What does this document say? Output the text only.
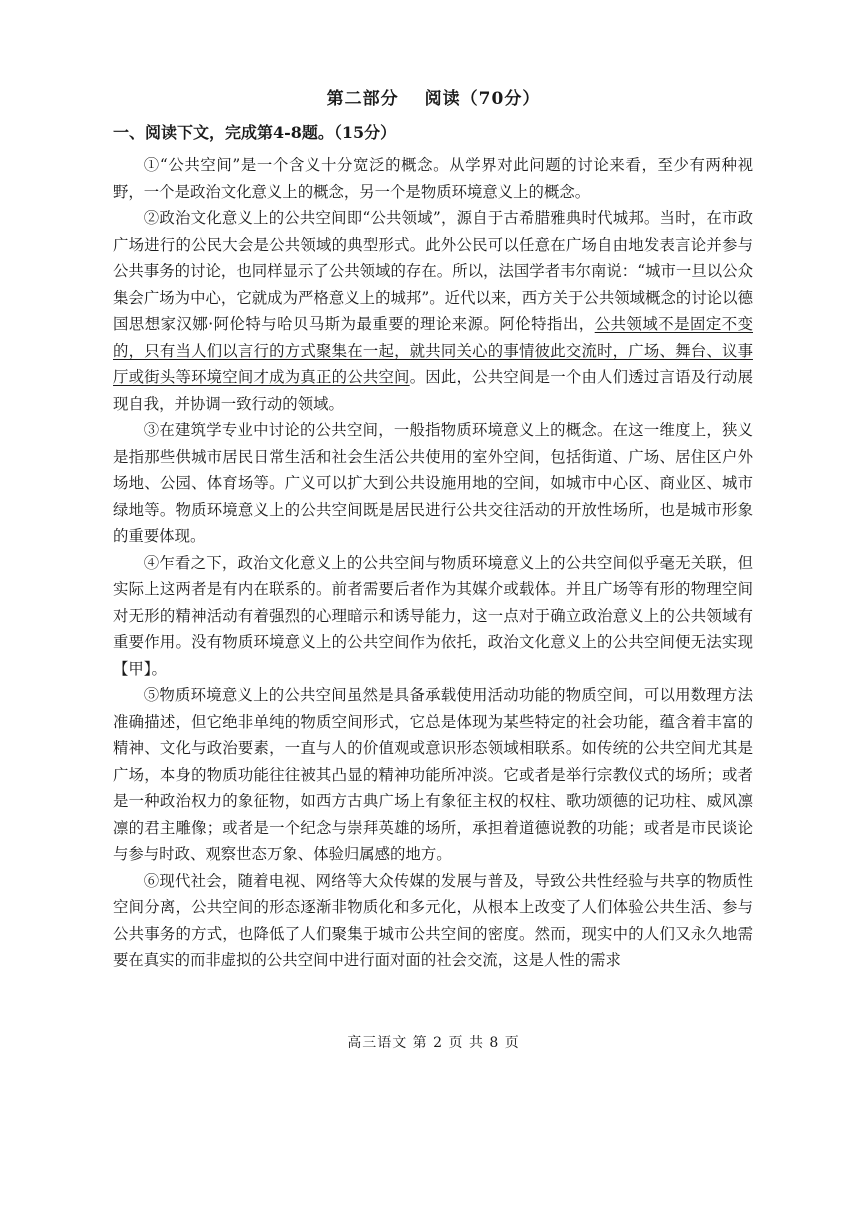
第二部分 阅读（70分）
一、阅读下文，完成第4-8题。（15分）

①“公共空间”是一个含义十分宽泛的概念。从学界对此问题的讨论来看，至少有两种视野，一个是政治文化意义上的概念，另一个是物质环境意义上的概念。

②政治文化意义上的公共空间即“公共领域”，源自于古希腊雅典时代城邦。当时，在市政广场进行的公民大会是公共领域的典型形式。此外公民可以任意在广场自由地发表言论并参与公共事务的讨论，也同样显示了公共领域的存在。所以，法国学者韦尔南说：“城市一旦以公众集会广场为中心，它就成为严格意义上的城邦”。近代以来，西方关于公共领域概念的讨论以德国思想家汉娜·阿伦特与哈贝马斯为最重要的理论来源。阿伦特指出，公共领域不是固定不变的，只有当人们以言行的方式聚集在一起，就共同关心的事情彼此交流时，广场、舞台、议事厅或街头等环境空间才成为真正的公共空间。因此，公共空间是一个由人们透过言语及行动展现自我，并协调一致行动的领域。

③在建筑学专业中讨论的公共空间，一般指物质环境意义上的概念。在这一维度上，狭义是指那些供城市居民日常生活和社会生活公共使用的室外空间，包括街道、广场、居住区户外场地、公园、体育场等。广义可以扩大到公共设施用地的空间，如城市中心区、商业区、城市绿地等。物质环境意义上的公共空间既是居民进行公共交往活动的开放性场所，也是城市形象的重要体现。

④乍看之下，政治文化意义上的公共空间与物质环境意义上的公共空间似乎毫无关联，但实际上这两者是有内在联系的。前者需要后者作为其媒介或载体。并且广场等有形的物理空间对无形的精神活动有着强烈的心理暗示和诱导能力，这一点对于确立政治意义上的公共领域有重要作用。没有物质环境意义上的公共空间作为依托，政治文化意义上的公共空间便无法实现【甲】。

⑤物质环境意义上的公共空间虽然是具备承载使用活动功能的物质空间，可以用数理方法准确描述，但它绝非单纯的物质空间形式，它总是体现为某些特定的社会功能，蕴含着丰富的精神、文化与政治要素，一直与人的价值观或意识形态领域相联系。如传统的公共空间尤其是广场，本身的物质功能往往被其凸显的精神功能所冲淡。它或者是举行宗教仪式的场所；或者是一种政治权力的象征物，如西方古典广场上有象征主权的权柱、歌功颂德的记功柱、威风凛凛的君主雕像；或者是一个纪念与崇拜英雄的场所，承担着道德说教的功能；或者是市民谈论与参与时政、观察世态万象、体验归属感的地方。

⑥现代社会，随着电视、网络等大众传媒的发展与普及，导致公共性经验与共享的物质性空间分离，公共空间的形态逐渐非物质化和多元化，从根本上改变了人们体验公共生活、参与公共事务的方式，也降低了人们聚集于城市公共空间的密度。然而，现实中的人们又永久地需要在真实的而非虚拟的公共空间中进行面对面的社会交流，这是人性的需求

高三语文 第 2 页 共 8 页
